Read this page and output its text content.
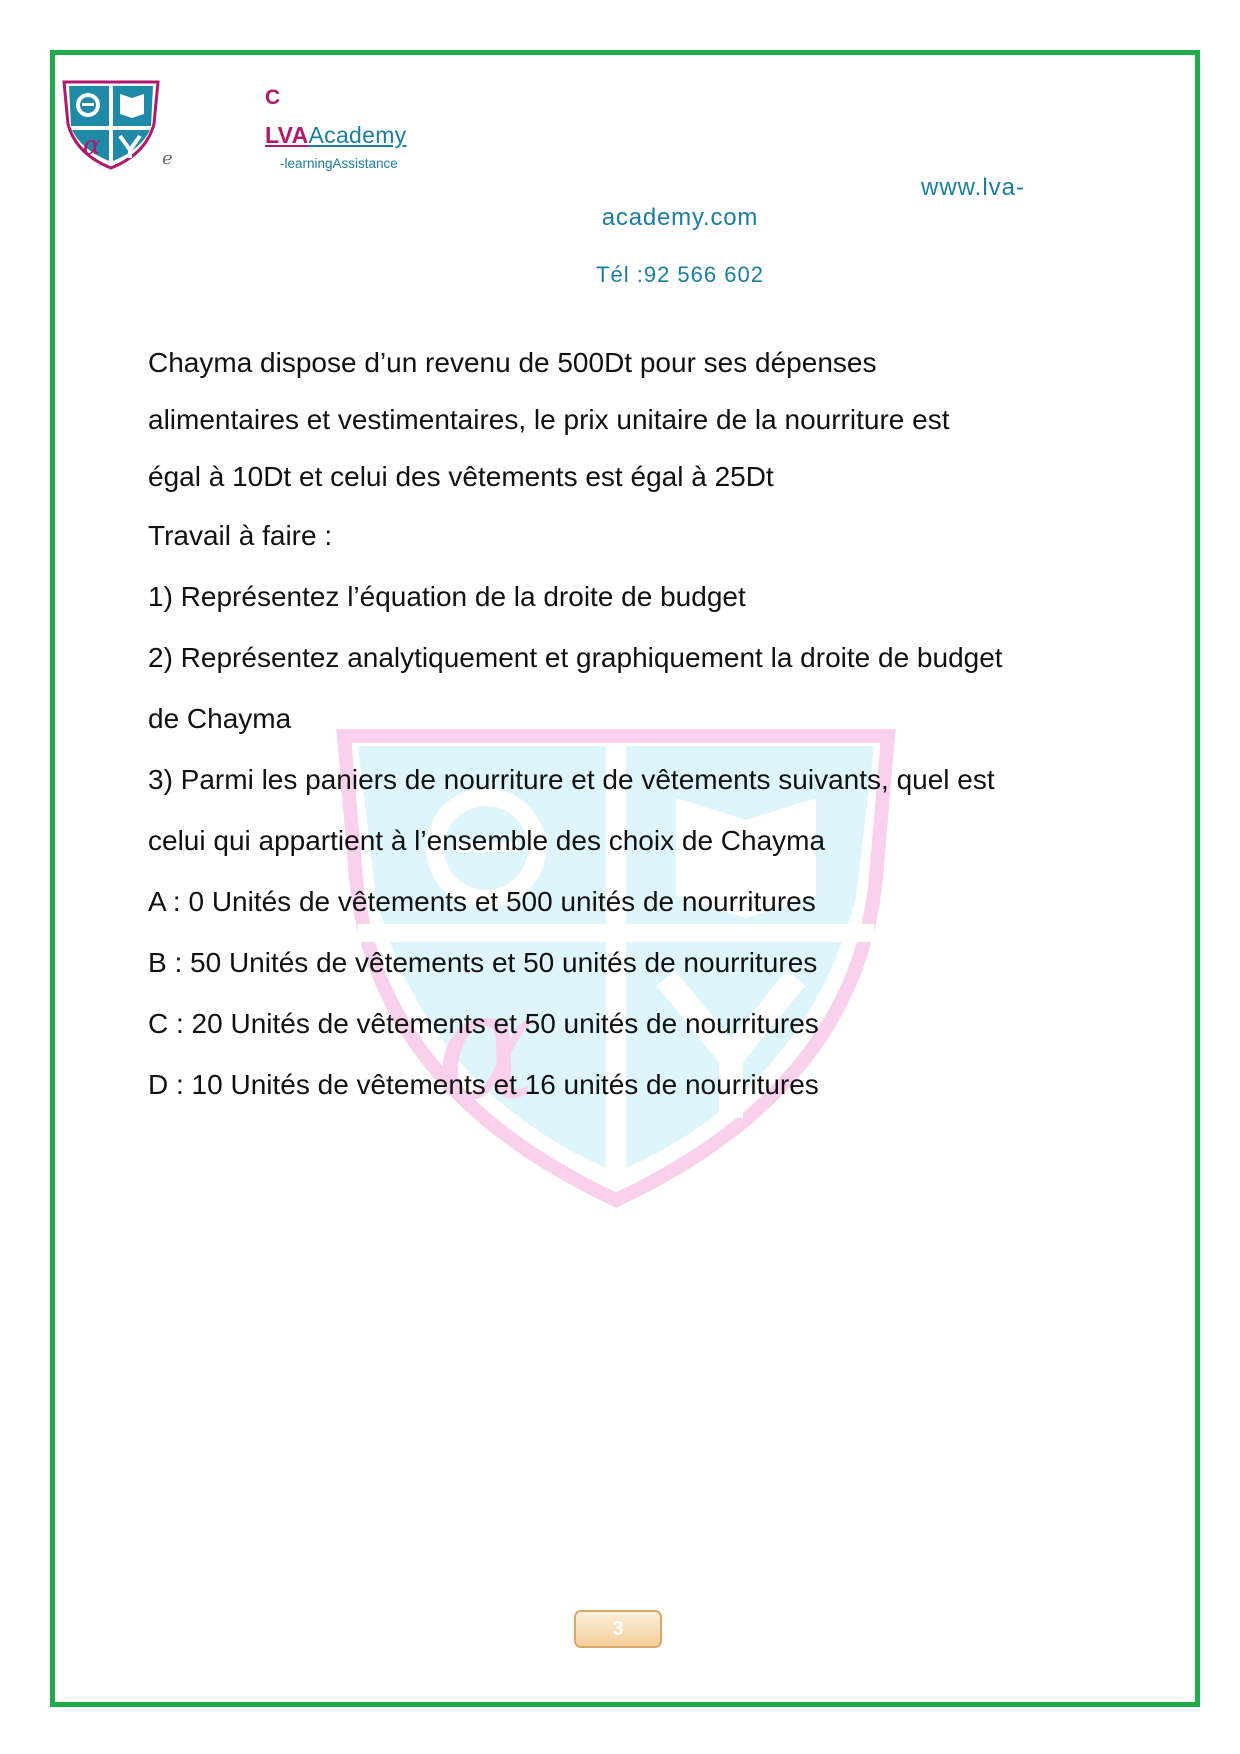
α	e
C
LVAAcademy
-learningAssistance
www.lva-
academy.com
Tél :92 566 602
α
Chayma dispose d’un revenu de 500Dt pour ses dépenses
alimentaires et vestimentaires, le prix unitaire de la nourriture est
égal à 10Dt et celui des vêtements est égal à 25Dt
Travail à faire :
1) Représentez l’équation de la droite de budget
2) Représentez analytiquement et graphiquement la droite de budget
de Chayma
3) Parmi les paniers de nourriture et de vêtements suivants, quel est
celui qui appartient à l’ensemble des choix de Chayma
A : 0 Unités de vêtements et 500 unités de nourritures
B : 50 Unités de vêtements et 50 unités de nourritures
C : 20 Unités de vêtements et 50 unités de nourritures
D : 10 Unités de vêtements et 16 unités de nourritures
3
